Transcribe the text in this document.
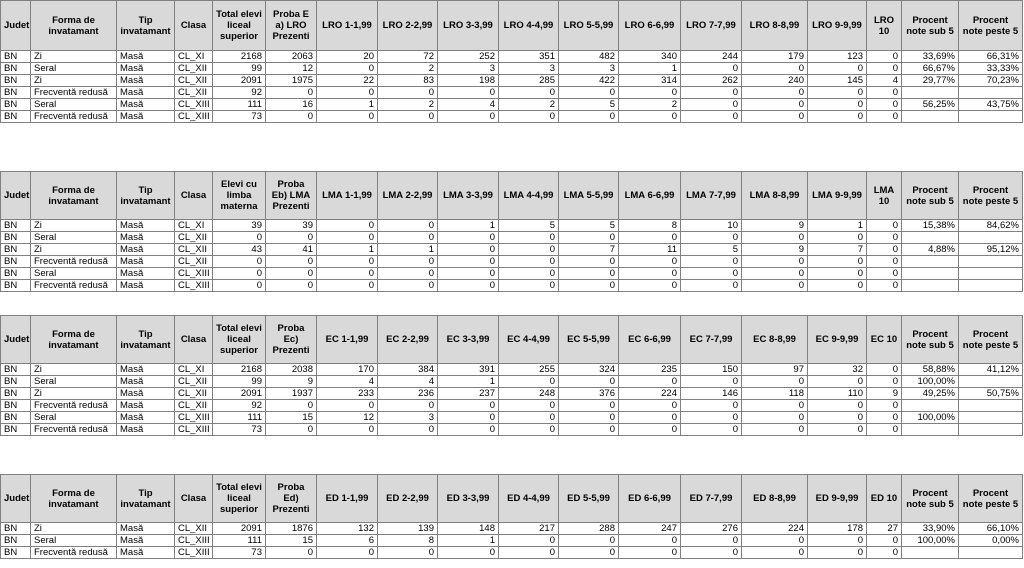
Judet	Forma de invatamant	Tip invatamant	Clasa	Total elevi liceal superior	Proba E a) LRO Prezenti	LRO 1-1,99	LRO 2-2,99	LRO 3-3,99	LRO 4-4,99	LRO 5-5,99	LRO 6-6,99	LRO 7-7,99	LRO 8-8,99	LRO 9-9,99	LRO 10	Procent note sub 5	Procent note peste 5
BN	Zi	Masă	CL_XI	2168	2063	20	72	252	351	482	340	244	179	123	0	33,69%	66,31%
BN	Seral	Masă	CL_XII	99	12	0	2	3	3	3	1	0	0	0	0	66,67%	33,33%
BN	Zi	Masă	CL_XII	2091	1975	22	83	198	285	422	314	262	240	145	4	29,77%	70,23%
BN	Frecventă redusă	Masă	CL_XII	92	0	0	0	0	0	0	0	0	0	0	0		
BN	Seral	Masă	CL_XIII	111	16	1	2	4	2	5	2	0	0	0	0	56,25%	43,75%
BN	Frecventă redusă	Masă	CL_XIII	73	0	0	0	0	0	0	0	0	0	0	0		
Judet	Forma de invatamant	Tip invatamant	Clasa	Elevi cu limba materna	Proba Eb) LMA Prezenti	LMA 1-1,99	LMA 2-2,99	LMA 3-3,99	LMA 4-4,99	LMA 5-5,99	LMA 6-6,99	LMA 7-7,99	LMA 8-8,99	LMA 9-9,99	LMA 10	Procent note sub 5	Procent note peste 5
BN	Zi	Masă	CL_XI	39	39	0	0	1	5	5	8	10	9	1	0	15,38%	84,62%
BN	Seral	Masă	CL_XII	0	0	0	0	0	0	0	0	0	0	0	0		
BN	Zi	Masă	CL_XII	43	41	1	1	0	0	7	11	5	9	7	0	4,88%	95,12%
BN	Frecventă redusă	Masă	CL_XII	0	0	0	0	0	0	0	0	0	0	0	0		
BN	Seral	Masă	CL_XIII	0	0	0	0	0	0	0	0	0	0	0	0		
BN	Frecventă redusă	Masă	CL_XIII	0	0	0	0	0	0	0	0	0	0	0	0		
Judet	Forma de invatamant	Tip invatamant	Clasa	Total elevi liceal superior	Proba Ec) Prezenti	EC 1-1,99	EC 2-2,99	EC 3-3,99	EC 4-4,99	EC 5-5,99	EC 6-6,99	EC 7-7,99	EC 8-8,99	EC 9-9,99	EC 10	Procent note sub 5	Procent note peste 5
BN	Zi	Masă	CL_XI	2168	2038	170	384	391	255	324	235	150	97	32	0	58,88%	41,12%
BN	Seral	Masă	CL_XII	99	9	4	4	1	0	0	0	0	0	0	0	100,00%	
BN	Zi	Masă	CL_XII	2091	1937	233	236	237	248	376	224	146	118	110	9	49,25%	50,75%
BN	Frecventă redusă	Masă	CL_XII	92	0	0	0	0	0	0	0	0	0	0	0		
BN	Seral	Masă	CL_XIII	111	15	12	3	0	0	0	0	0	0	0	0	100,00%	
BN	Frecventă redusă	Masă	CL_XIII	73	0	0	0	0	0	0	0	0	0	0	0		
Judet	Forma de invatamant	Tip invatamant	Clasa	Total elevi liceal superior	Proba Ed) Prezenti	ED 1-1,99	ED 2-2,99	ED 3-3,99	ED 4-4,99	ED 5-5,99	ED 6-6,99	ED 7-7,99	ED 8-8,99	ED 9-9,99	ED 10	Procent note sub 5	Procent note peste 5
BN	Zi	Masă	CL_XII	2091	1876	132	139	148	217	288	247	276	224	178	27	33,90%	66,10%
BN	Seral	Masă	CL_XIII	111	15	6	8	1	0	0	0	0	0	0	0	100,00%	0,00%
BN	Frecventă redusă	Masă	CL_XIII	73	0	0	0	0	0	0	0	0	0	0	0		
